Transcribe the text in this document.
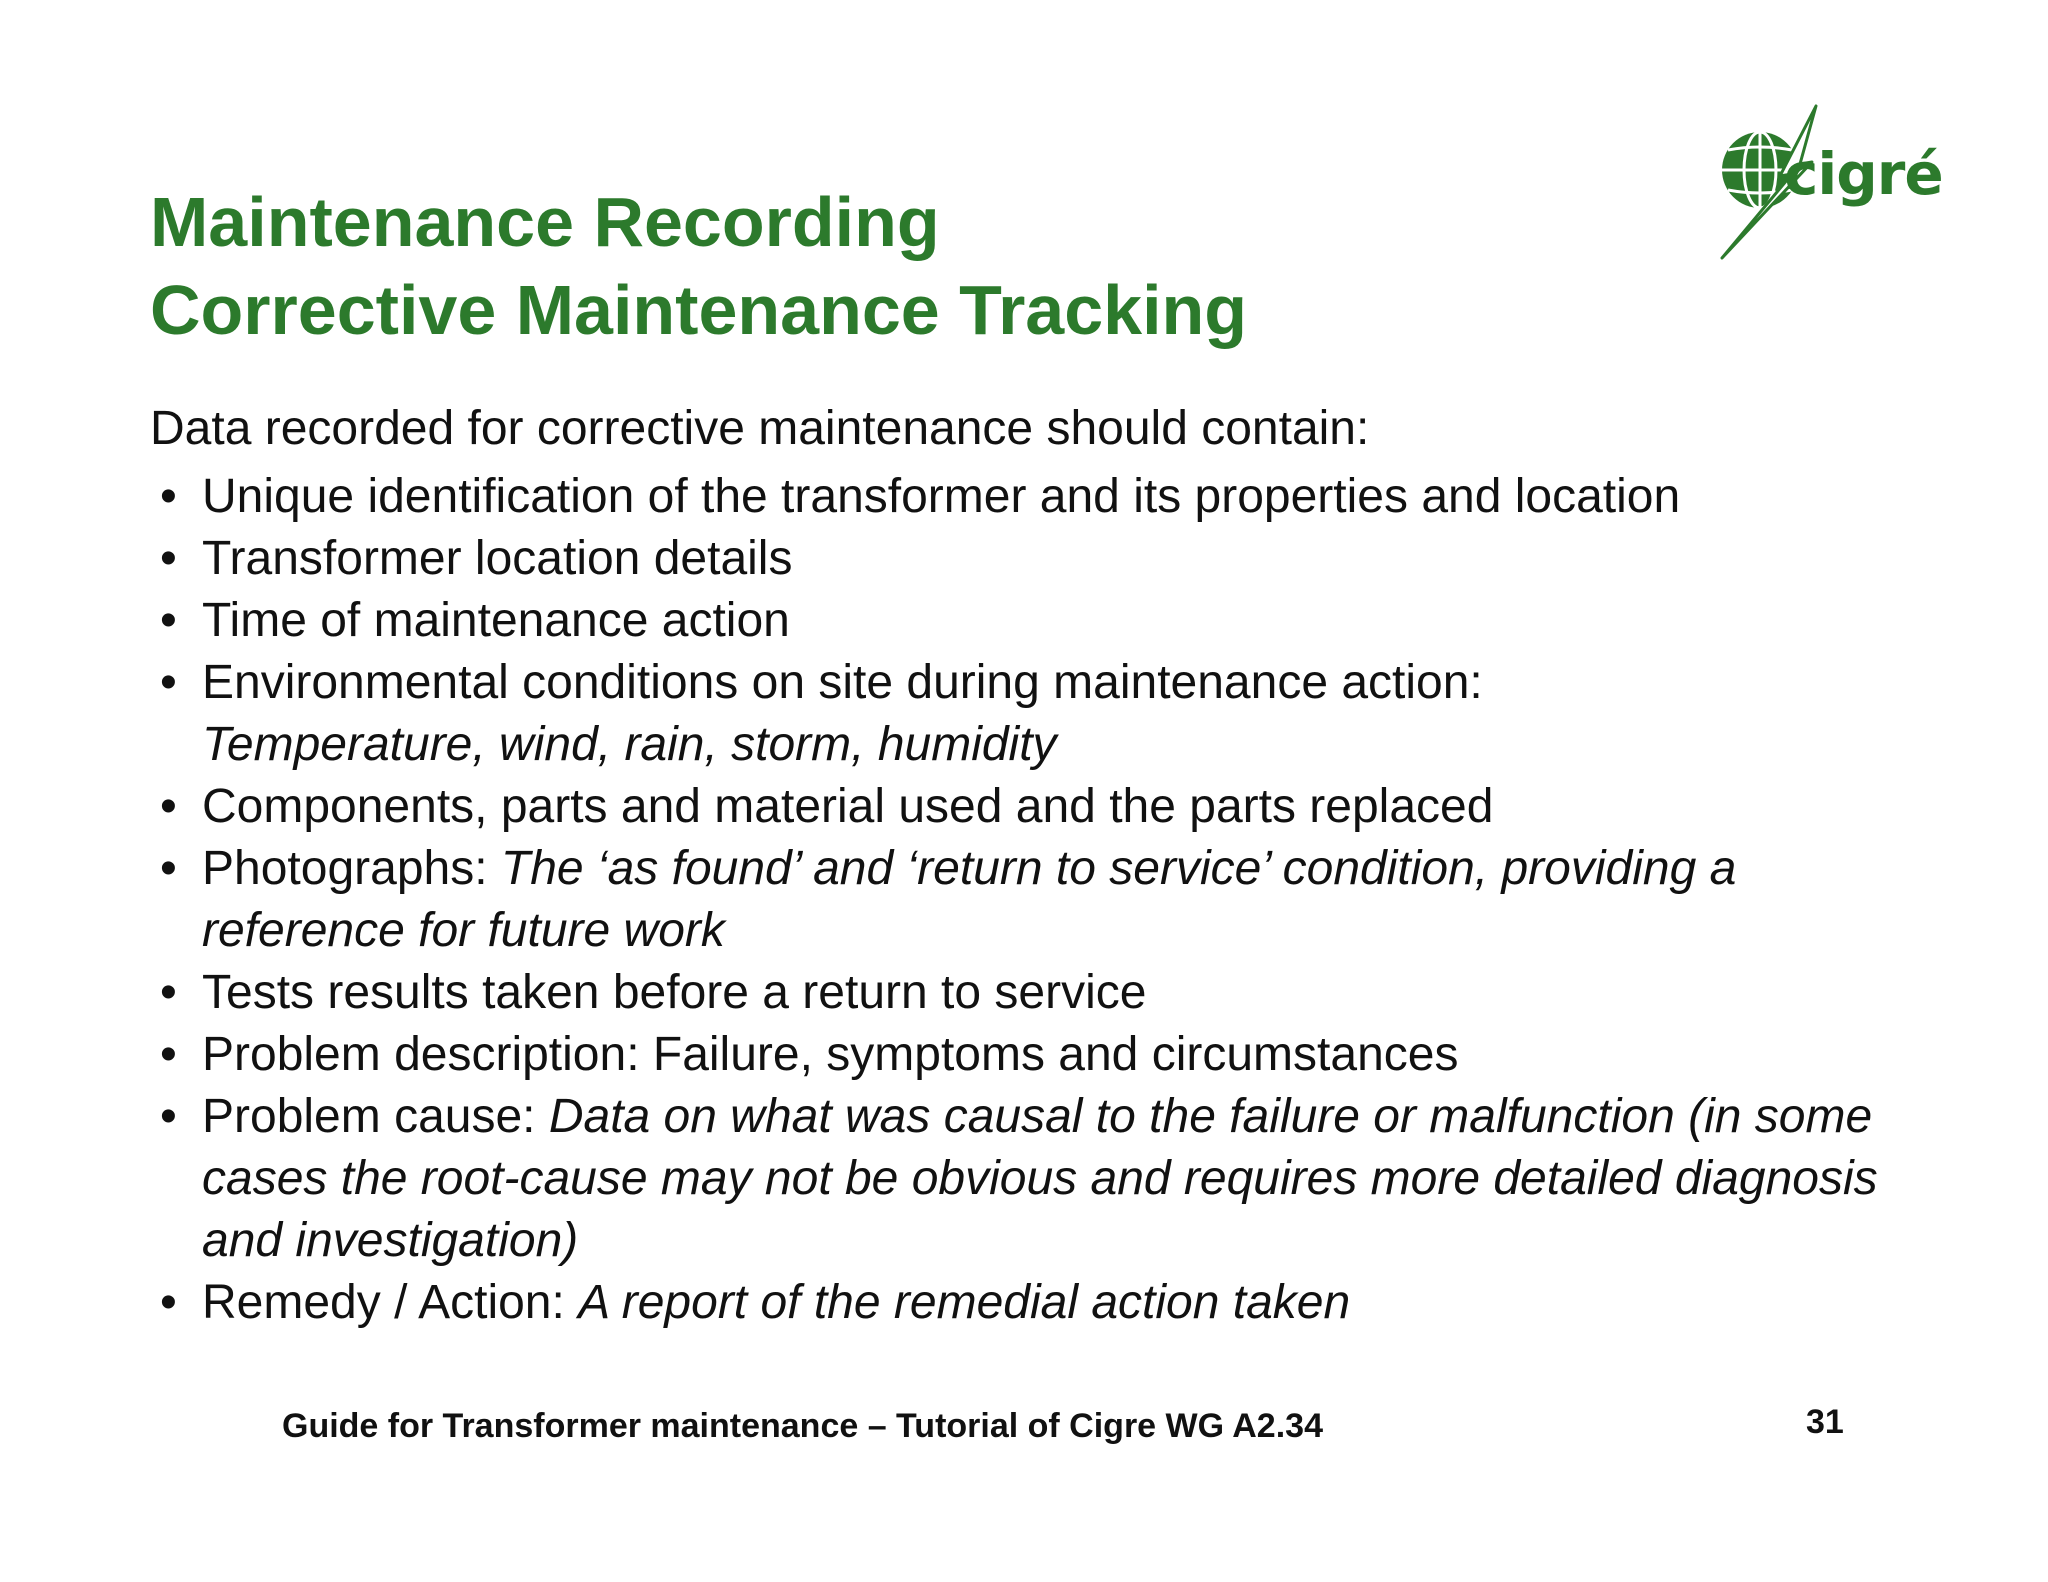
Maintenance Recording
Corrective Maintenance Tracking
cigré

Data recorded for corrective maintenance should contain:

• Unique identification of the transformer and its properties and location
• Transformer location details
• Time of maintenance action
• Environmental conditions on site during maintenance action:
Temperature, wind, rain, storm, humidity
• Components, parts and material used and the parts replaced
• Photographs: The ‘as found’ and ‘return to service’ condition, providing a reference for future work
• Tests results taken before a return to service
• Problem description: Failure, symptoms and circumstances
• Problem cause: Data on what was causal to the failure or malfunction (in some cases the root-cause may not be obvious and requires more detailed diagnosis and investigation)
• Remedy / Action: A report of the remedial action taken
Guide for Transformer maintenance – Tutorial of Cigre WG A2.34	31
